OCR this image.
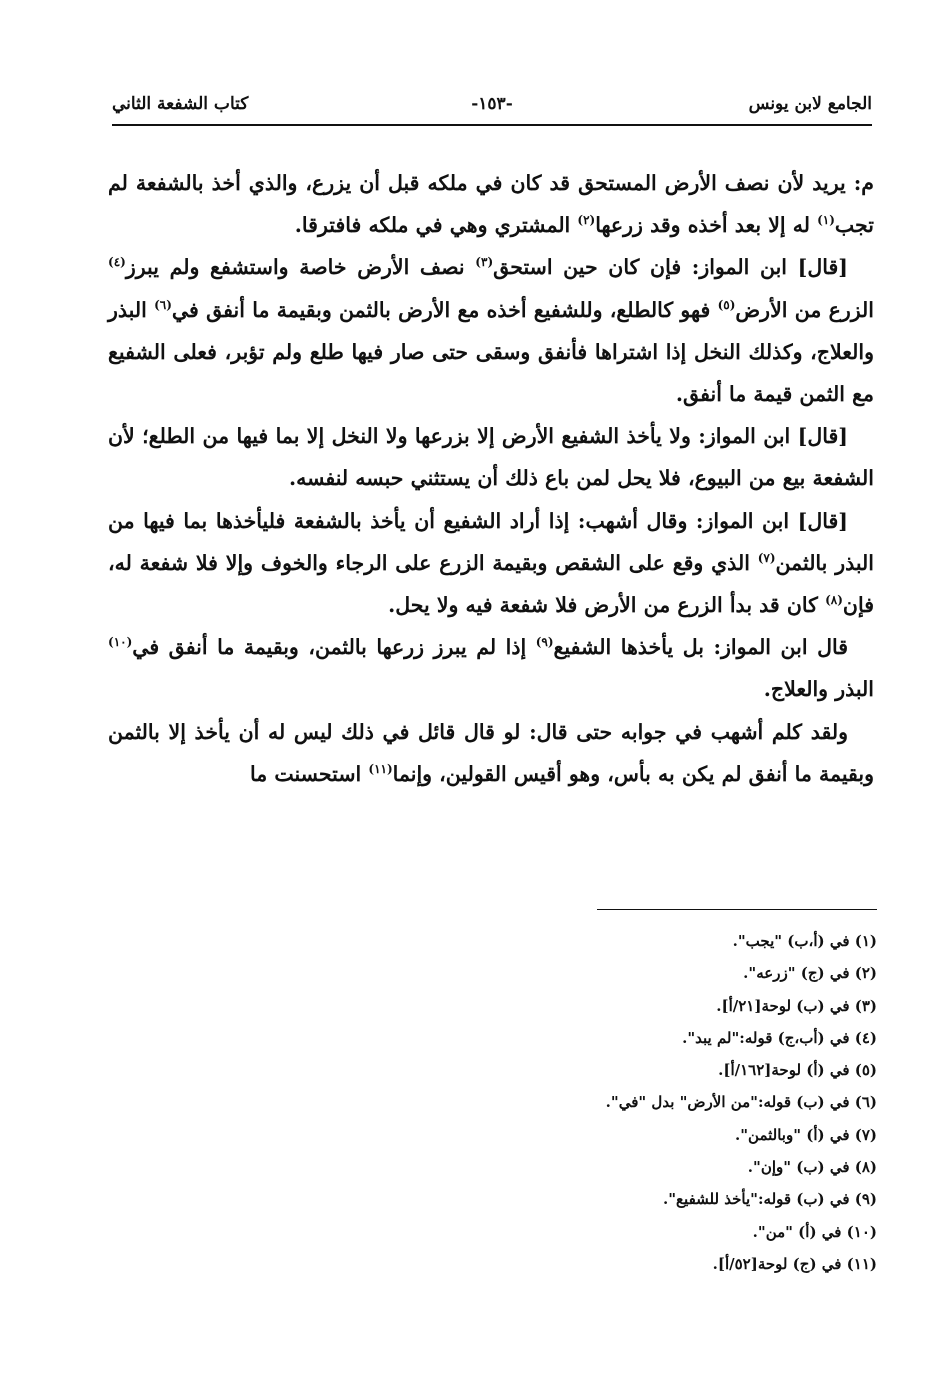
الجامع لابن يونس
-١٥٣-
كتاب الشفعة الثاني

م: يريد لأن نصف الأرض المستحق قد كان في ملكه قبل أن يزرع، والذي أخذ بالشفعة لم تجب$^{(١)}$ له إلا بعد أخذه وقد زرعها$^{(٢)}$ المشتري وهي في ملكه فافترقا.

[قال] ابن المواز: فإن كان حين استحق$^{(٣)}$ نصف الأرض خاصة واستشفع ولم يبرز$^{(٤)}$ الزرع من الأرض$^{(٥)}$ فهو كالطلع، وللشفيع أخذه مع الأرض بالثمن وبقيمة ما أنفق في$^{(٦)}$ البذر والعلاج، وكذلك النخل إذا اشتراها فأنفق وسقى حتى صار فيها طلع ولم تؤبر، فعلى الشفيع مع الثمن قيمة ما أنفق.

[قال] ابن المواز: ولا يأخذ الشفيع الأرض إلا بزرعها ولا النخل إلا بما فيها من الطلع؛ لأن الشفعة بيع من البيوع، فلا يحل لمن باع ذلك أن يستثني حبسه لنفسه.

[قال] ابن المواز: وقال أشهب: إذا أراد الشفيع أن يأخذ بالشفعة فليأخذها بما فيها من البذر بالثمن$^{(٧)}$ الذي وقع على الشقص وبقيمة الزرع على الرجاء والخوف وإلا فلا شفعة له، فإن$^{(٨)}$ كان قد بدأ الزرع من الأرض فلا شفعة فيه ولا يحل.

قال ابن المواز: بل يأخذها الشفيع$^{(٩)}$ إذا لم يبرز زرعها بالثمن، وبقيمة ما أنفق في$^{(١٠)}$ البذر والعلاج.

ولقد كلم أشهب في جوابه حتى قال: لو قال قائل في ذلك ليس له أن يأخذ إلا بالثمن وبقيمة ما أنفق لم يكن به بأس، وهو أقيس القولين، وإنما$^{(١١)}$ استحسنت ما

(١) في (أ،ب) "يجب".
(٢) في (ج) "زرعه".
(٣) في (ب) لوحة[٢١/أ].
(٤) في (أب،ج) قوله:"لم يبد".
(٥) في (أ) لوحة[١٦٢/أ].
(٦) في (ب) قوله:"من الأرض" بدل "في".
(٧) في (أ) "وبالثمن".
(٨) في (ب) "وإن".
(٩) في (ب) قوله:"يأخذ للشفيع".
(١٠) في (أ) "من".
(١١) في (ج) لوحة[٥٢/أ].
